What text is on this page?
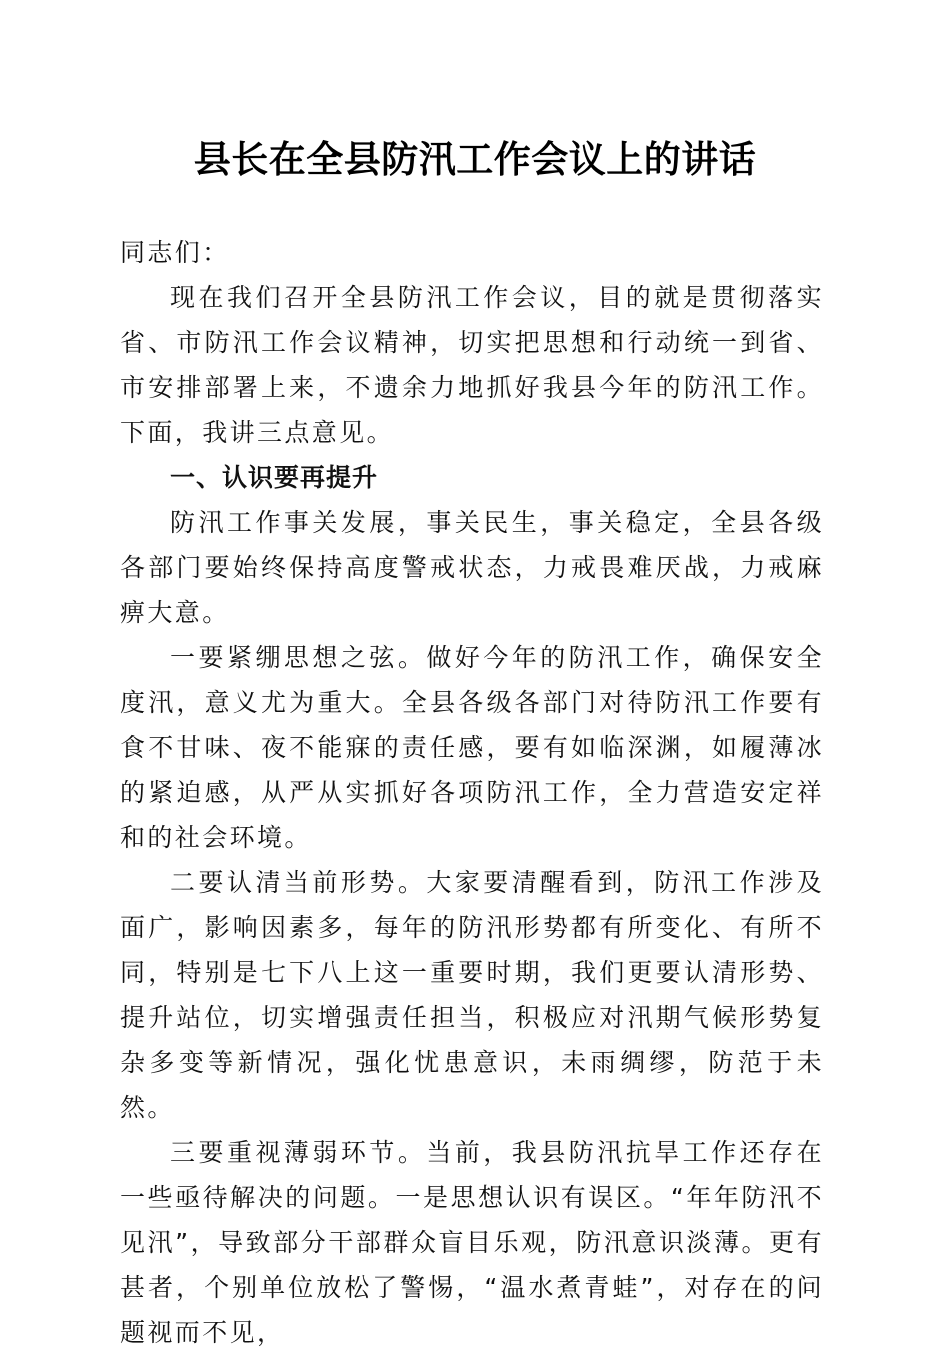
县长在全县防汛工作会议上的讲话

同志们：

现在我们召开全县防汛工作会议，目的就是贯彻落实省、市防汛工作会议精神，切实把思想和行动统一到省、市安排部署上来，不遗余力地抓好我县今年的防汛工作。下面，我讲三点意见。

一、认识要再提升

防汛工作事关发展，事关民生，事关稳定，全县各级各部门要始终保持高度警戒状态，力戒畏难厌战，力戒麻痹大意。

一要紧绷思想之弦。做好今年的防汛工作，确保安全度汛，意义尤为重大。全县各级各部门对待防汛工作要有食不甘味、夜不能寐的责任感，要有如临深渊，如履薄冰的紧迫感，从严从实抓好各项防汛工作，全力营造安定祥和的社会环境。

二要认清当前形势。大家要清醒看到，防汛工作涉及面广，影响因素多，每年的防汛形势都有所变化、有所不同，特别是七下八上这一重要时期，我们更要认清形势、提升站位，切实增强责任担当，积极应对汛期气候形势复杂多变等新情况，强化忧患意识，未雨绸缪，防范于未然。

三要重视薄弱环节。当前，我县防汛抗旱工作还存在一些亟待解决的问题。一是思想认识有误区。“年年防汛不见汛”，导致部分干部群众盲目乐观，防汛意识淡薄。更有甚者，个别单位放松了警惕，“温水煮青蛙”，对存在的问题视而不见，
